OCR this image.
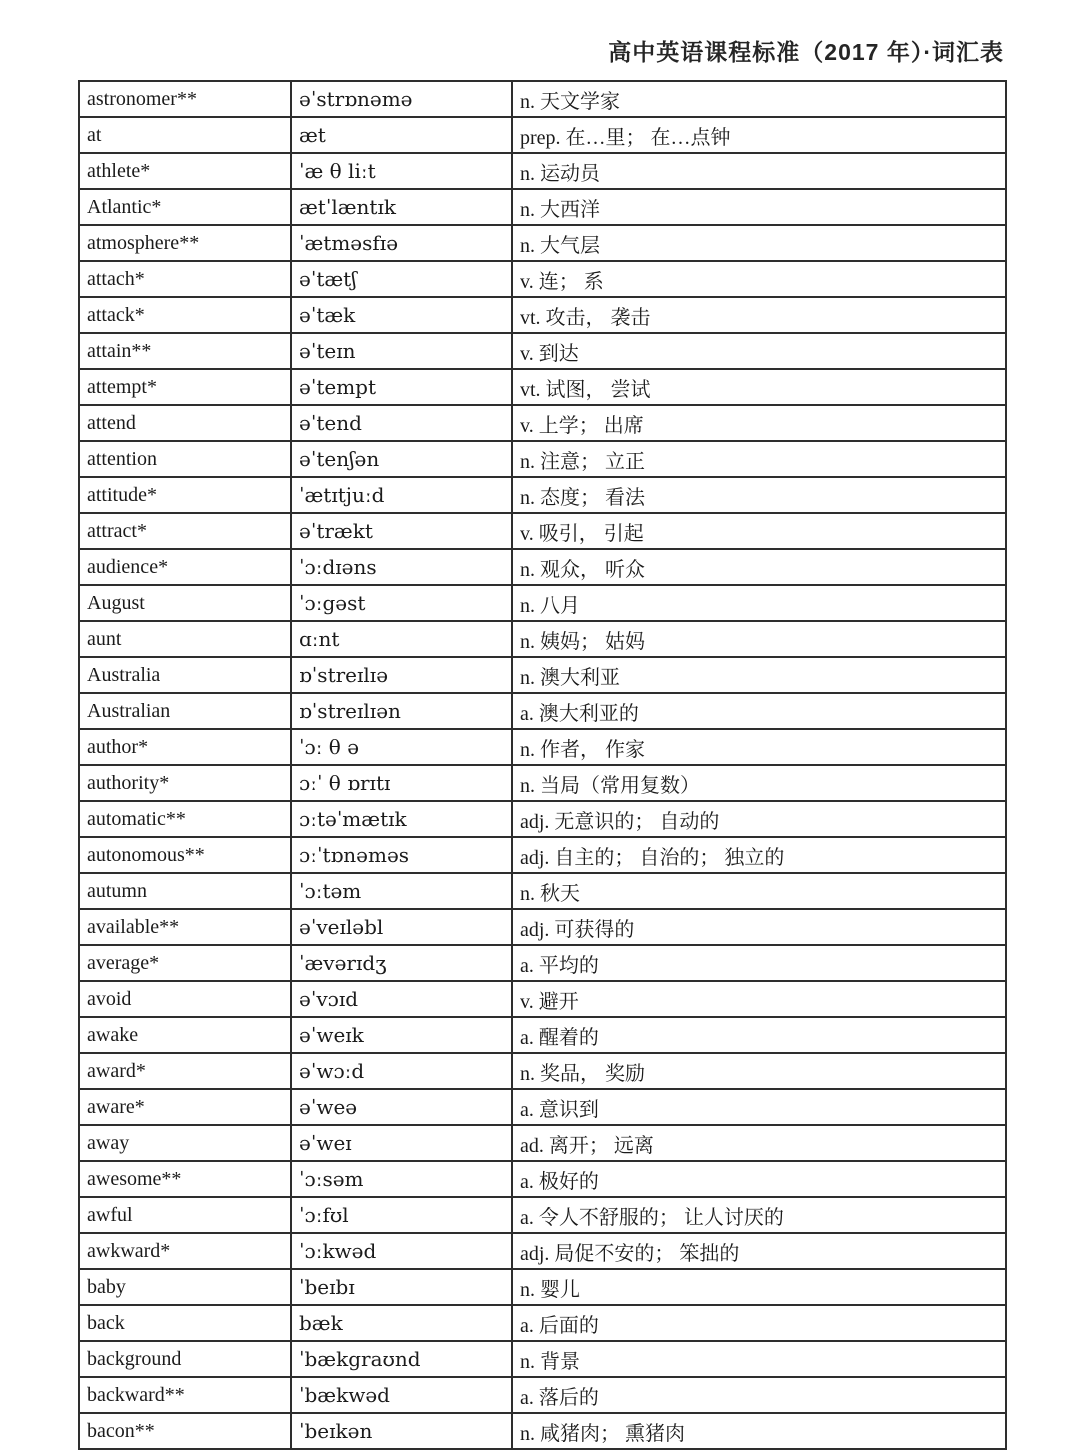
高中英语课程标准（2017 年）·词汇表
astronomer**	əˈstrɒnəmə	n. 天文学家
at	æt	prep. 在…里； 在…点钟
athlete*	ˈæ θ liːt	n. 运动员
Atlantic*	ætˈlæntɪk	n. 大西洋
atmosphere**	ˈætməsfɪə	n. 大气层
attach*	əˈtætʃ	v. 连； 系
attack*	əˈtæk	vt. 攻击， 袭击
attain**	əˈteɪn	v. 到达
attempt*	əˈtempt	vt. 试图， 尝试
attend	əˈtend	v. 上学； 出席
attention	əˈtenʃən	n. 注意； 立正
attitude*	ˈætɪtjuːd	n. 态度； 看法
attract*	əˈtrækt	v. 吸引， 引起
audience*	ˈɔːdɪəns	n. 观众， 听众
August	ˈɔːgəst	n. 八月
aunt	ɑːnt	n. 姨妈； 姑妈
Australia	ɒˈstreɪlɪə	n. 澳大利亚
Australian	ɒˈstreɪlɪən	a. 澳大利亚的
author*	ˈɔː θ ə	n. 作者， 作家
authority*	ɔːˈ θ ɒrɪtɪ	n. 当局（常用复数）
automatic**	ɔːtəˈmætɪk	adj. 无意识的； 自动的
autonomous**	ɔːˈtɒnəməs	adj. 自主的； 自治的； 独立的
autumn	ˈɔːtəm	n. 秋天
available**	əˈveɪləbl	adj. 可获得的
average*	ˈævərɪdʒ	a. 平均的
avoid	əˈvɔɪd	v. 避开
awake	əˈweɪk	a. 醒着的
award*	əˈwɔːd	n. 奖品， 奖励
aware*	əˈweə	a. 意识到
away	əˈweɪ	ad. 离开； 远离
awesome**	ˈɔːsəm	a. 极好的
awful	ˈɔːfʊl	a. 令人不舒服的； 让人讨厌的
awkward*	ˈɔːkwəd	adj. 局促不安的； 笨拙的
baby	ˈbeɪbɪ	n. 婴儿
back	bæk	a. 后面的
background	ˈbækgraʊnd	n. 背景
backward**	ˈbækwəd	a. 落后的
bacon**	ˈbeɪkən	n. 咸猪肉； 熏猪肉
